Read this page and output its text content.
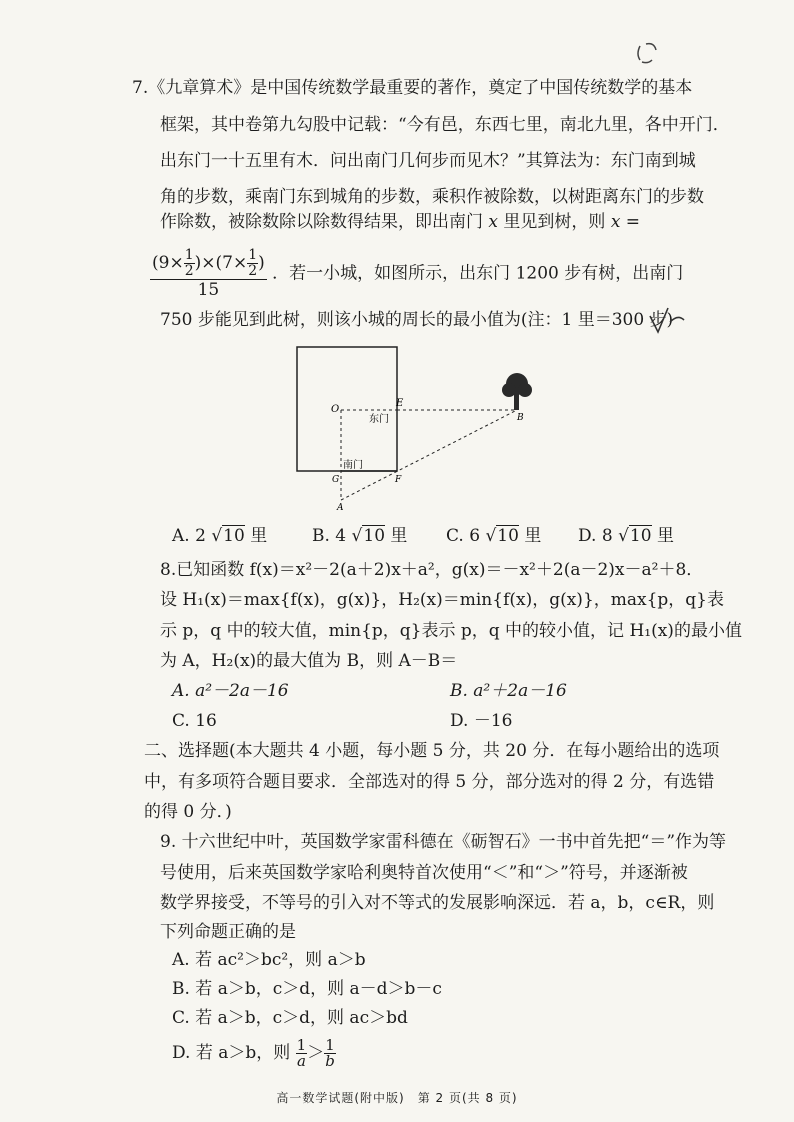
7.《九章算术》是中国传统数学最重要的著作，奠定了中国传统数学的基本
框架，其中卷第九勾股中记载：“今有邑，东西七里，南北九里，各中开门．
出东门一十五里有木．问出南门几何步而见木？”其算法为：东门南到城
角的步数，乘南门东到城角的步数，乘积作被除数，以树距离东门的步数
作除数，被除数除以除数得结果，即出南门 x 里见到树，则 x =
$\frac{(9\times \frac{1}{2} )\times(7\times \frac{1}{2} )}{15}$ ．若一小城，如图所示，出东门 1200 步有树，出南门
750 步能见到此树，则该小城的周长的最小值为(注：1 里＝300 步)
O
E
B
东门
南门
G	F
A
A. 2 √10 里	B. 4 √10 里 C. 6 √10 里 D. 8 √10 里
8.已知函数 f(x)＝x²－2(a＋2)x＋a²，g(x)＝－x²＋2(a－2)x－a²＋8．
设 H₁(x)＝max{f(x)，g(x)}，H₂(x)＝min{f(x)，g(x)}，max{p，q}表
示 p，q 中的较大值，min{p，q}表示 p，q 中的较小值，记 H₁(x)的最小值
为 A，H₂(x)的最大值为 B，则 A－B＝
A. a²－2a－16	B. a²＋2a－16
C. 16	D. －16
二、选择题(本大题共 4 小题，每小题 5 分，共 20 分．在每小题给出的选项
中，有多项符合题目要求．全部选对的得 5 分，部分选对的得 2 分，有选错
的得 0 分．)
9. 十六世纪中叶，英国数学家雷科德在《砺智石》一书中首先把“＝”作为等
号使用，后来英国数学家哈利奥特首次使用“＜”和“＞”符号，并逐渐被
数学界接受，不等号的引入对不等式的发展影响深远．若 a，b，c∈R，则
下列命题正确的是
A. 若 ac²＞bc²，则 a＞b
B. 若 a＞b，c＞d，则 a－d＞b－c
C. 若 a＞b，c＞d，则 ac＞bd
D. 若 a＞b，则 $\frac{1}{a} > \frac{1}{b}$
高一数学试题(附中版)　第 2 页(共 8 页)
